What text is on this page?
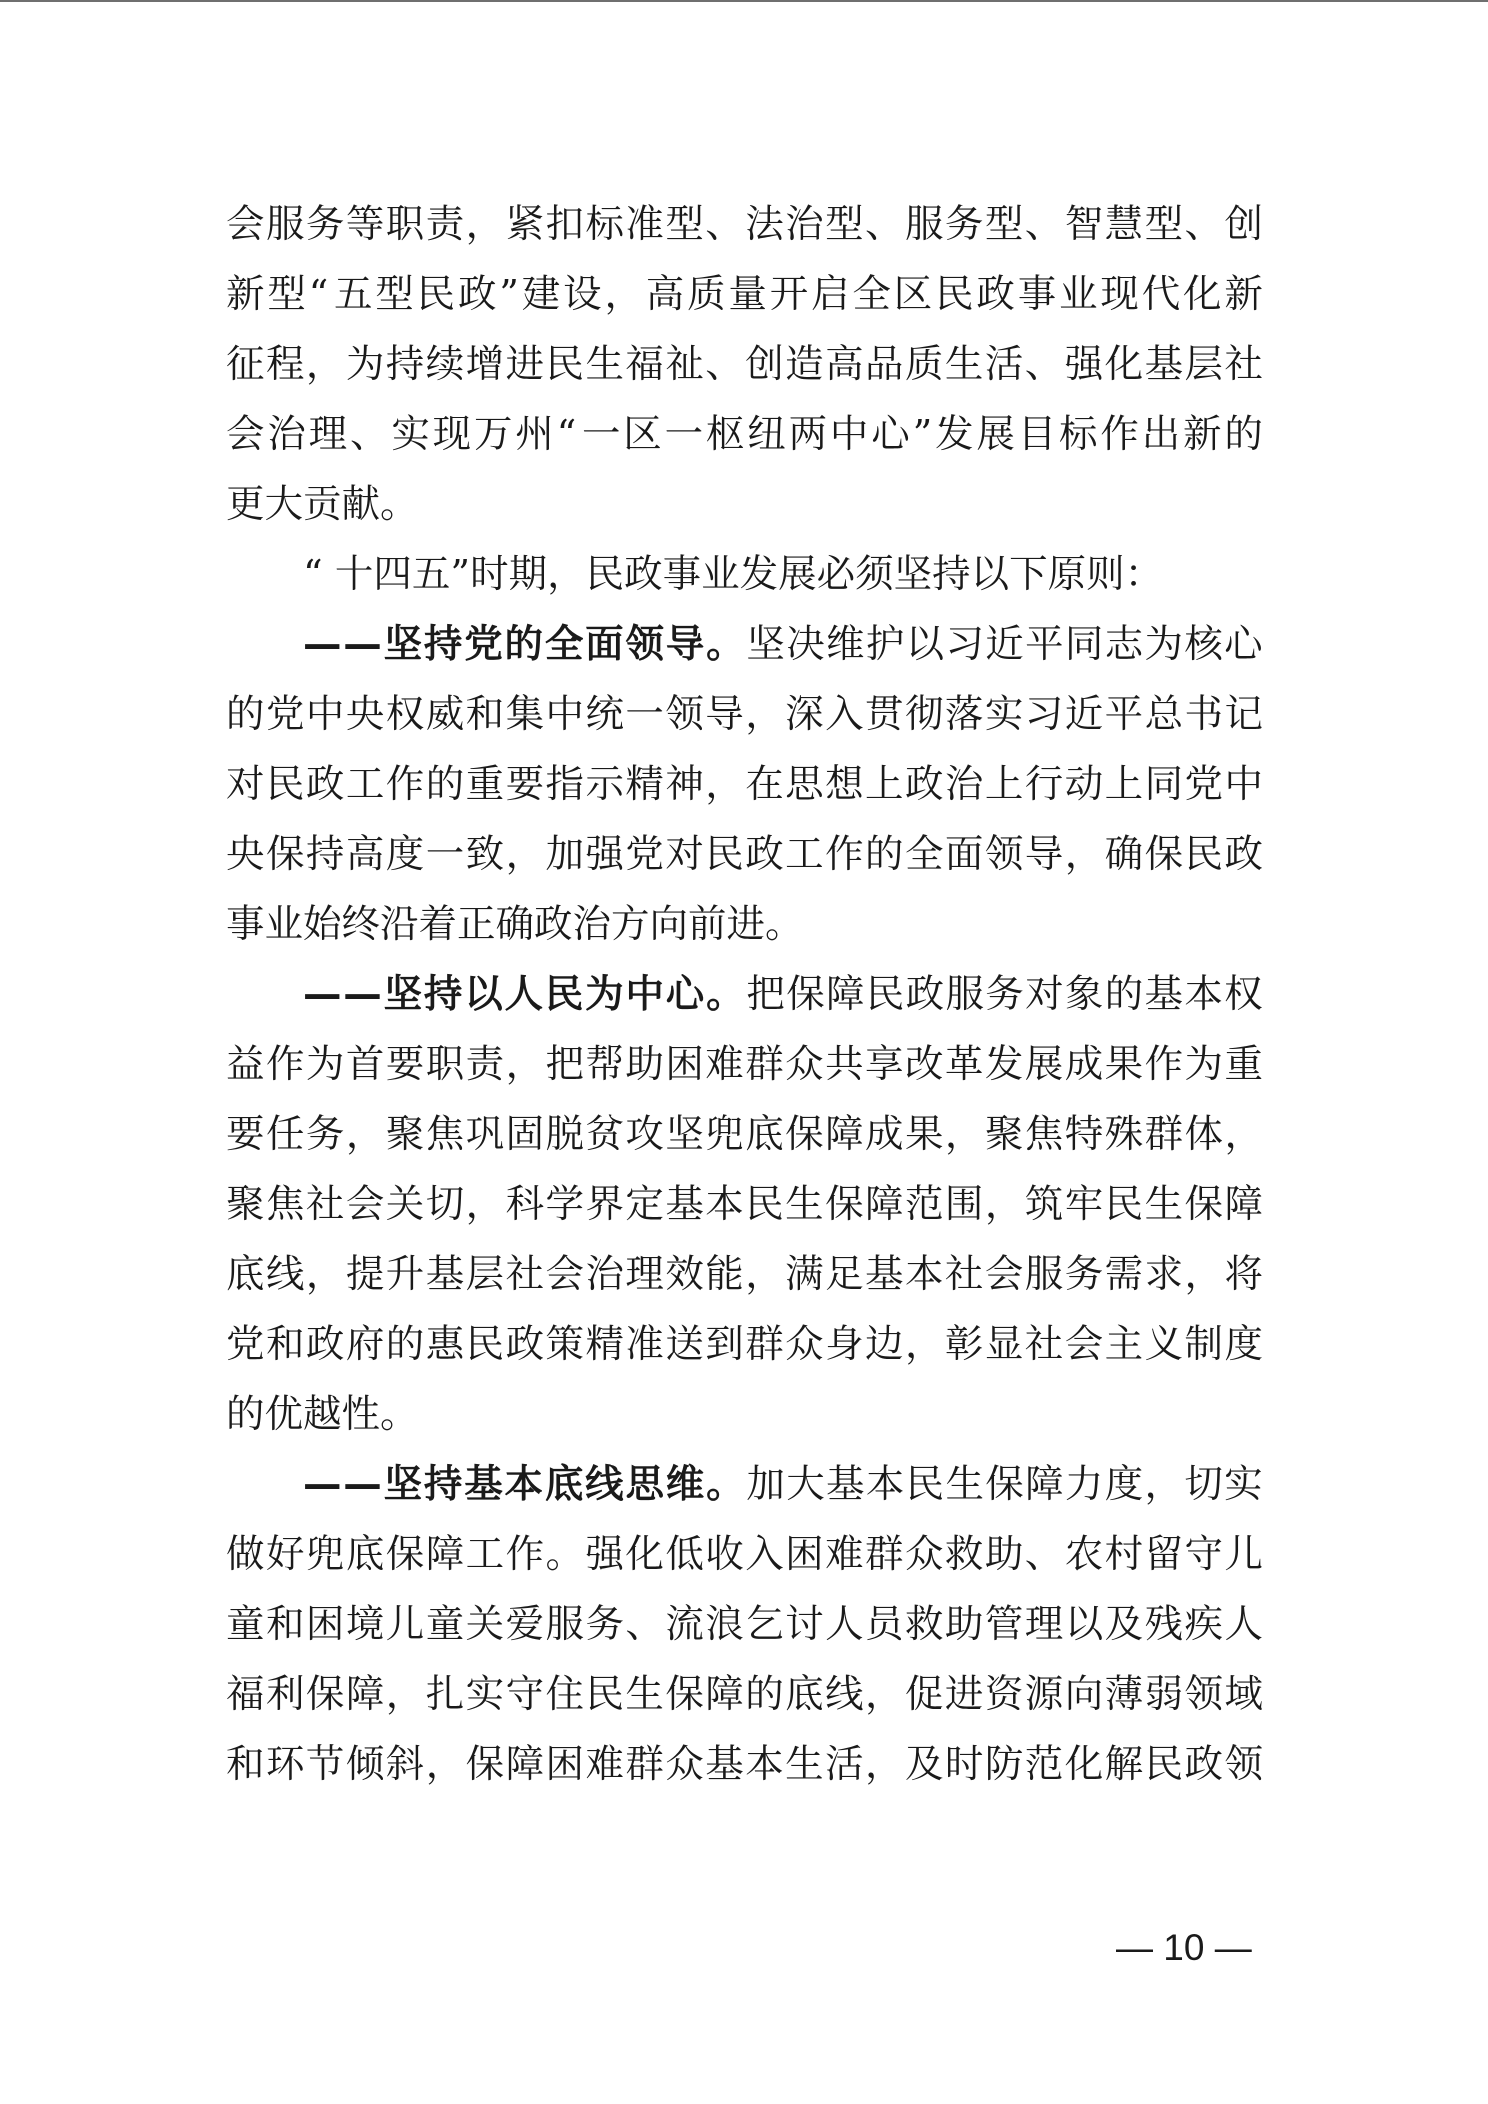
会 服 务 等 职 责 ， 紧 扣 标 准 型 、 法 治 型 、 服 务 型 、 智 慧 型 、 创
新 型 “ 五 型 民 政 ” 建 设 ， 高 质 量 开 启 全 区 民 政 事 业 现 代 化 新
征 程 ， 为 持 续 增 进 民 生 福 祉 、 创 造 高 品 质 生 活 、 强 化 基 层 社
会 治 理 、 实 现 万 州 “ 一 区 一 枢 纽 两 中 心 ” 发 展 目 标 作 出 新 的
更大贡献。
“ 十四五”时期，民政事业发展必须坚持以下原则：
— — 坚 持 党 的 全 面 领 导 。 坚 决 维 护 以 习 近 平 同 志 为 核 心
的 党 中 央 权 威 和 集 中 统 一 领 导 ， 深 入 贯 彻 落 实 习 近 平 总 书 记
对 民 政 工 作 的 重 要 指 示 精 神 ， 在 思 想 上 政 治 上 行 动 上 同 党 中
央 保 持 高 度 一 致 ， 加 强 党 对 民 政 工 作 的 全 面 领 导 ， 确 保 民 政
事业始终沿着正确政治方向前进。
— — 坚 持 以 人 民 为 中 心 。 把 保 障 民 政 服 务 对 象 的 基 本 权
益 作 为 首 要 职 责 ， 把 帮 助 困 难 群 众 共 享 改 革 发 展 成 果 作 为 重
要 任 务 ， 聚 焦 巩 固 脱 贫 攻 坚 兜 底 保 障 成 果 ， 聚 焦 特 殊 群 体 ，
聚 焦 社 会 关 切 ， 科 学 界 定 基 本 民 生 保 障 范 围 ， 筑 牢 民 生 保 障
底 线 ， 提 升 基 层 社 会 治 理 效 能 ， 满 足 基 本 社 会 服 务 需 求 ， 将
党 和 政 府 的 惠 民 政 策 精 准 送 到 群 众 身 边 ， 彰 显 社 会 主 义 制 度
的优越性。
— — 坚 持 基 本 底 线 思 维 。 加 大 基 本 民 生 保 障 力 度 ， 切 实
做 好 兜 底 保 障 工 作 。 强 化 低 收 入 困 难 群 众 救 助 、 农 村 留 守 儿
童 和 困 境 儿 童 关 爱 服 务 、 流 浪 乞 讨 人 员 救 助 管 理 以 及 残 疾 人
福 利 保 障 ， 扎 实 守 住 民 生 保 障 的 底 线 ， 促 进 资 源 向 薄 弱 领 域
和 环 节 倾 斜 ， 保 障 困 难 群 众 基 本 生 活 ， 及 时 防 范 化 解 民 政 领
— 10 —
